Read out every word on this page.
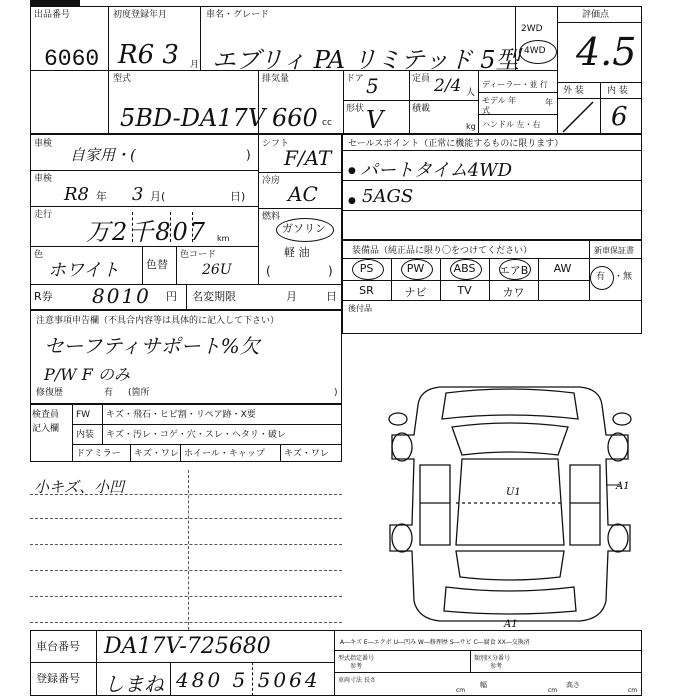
出品番号
6060
初度登録年月
R6 3 月
車名・グレード
エブリィ PA リミテッド 5型
2WD
4WD
評価点
4.5
型式
5BD-DA17V
排気量
660 cc
ドア 5
形状 V
定員 2/4 人
積載
kg
ディーラー・並 行
モデル 年式
年
ハンドル 左・右
外 装	内 装
6
車検
自家用・(	)
車検
R8 年 3 月(	日)
走行
万2千807 km
色
ホワイト 色替
色コード
26U
R券 8010 円 名変期限	月	日
シフト
F/AT
冷房
AC
燃料
ガソリン
軽 油
(	)
セールスポイント（正常に機能するものに限ります）
● パートタイム4WD
● 5AGS
装備品（純正品に限り〇をつけてください）	新車保証書
PS	PW	ABS	エアB	AW
SR	ナビ	TV	カワ
有 ・無
後付品
注意事項申告欄（不具合内容等は具体的に記入して下さい）
セーフティサポート%欠
P/W F のみ
修復歴	有 (箇所	)
検査員
記入欄
FW キズ・飛石・ヒビ割・リペア跡・X要
内装 キズ・汚レ・コゲ・穴・スレ・ヘタリ・破レ
ドアミラー キズ・ワレ ホイール・キャップ キズ・ワレ
小キズ、小凹	A1
U1
A1
車台番号 DA17V-725680
登録番号 しまね 480 5 5064
A―キズ E―エクボ U―凹み W―修理歴 S―サビ C―腐食 XX―交換済
型式指定番号
参考
類別区分番号
参考
車両寸法 長さ
cm
幅
cm
高さ
cm
